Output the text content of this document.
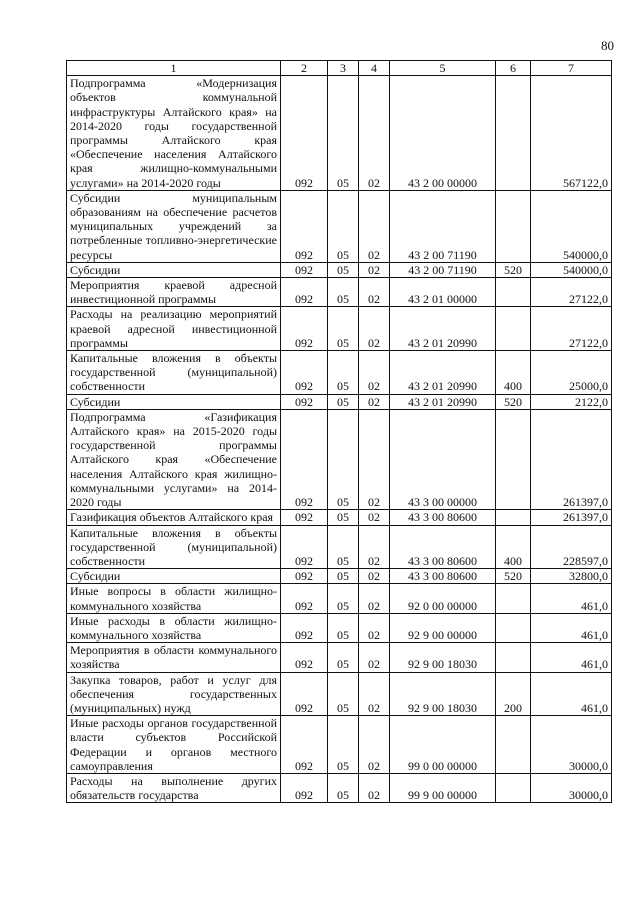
80
1	2	3	4	5	6	7
Подпрограмма «Модернизация объектов коммунальной инфраструктуры Алтайского края» на 2014-2020 годы государственной программы Алтайского края «Обеспечение населения Алтайского края жилищно-коммунальными услугами» на 2014-2020 годы	092	05	02	43 2 00 00000		567122,0
Субсидии муниципальным образованиям на обеспечение расчетов муниципальных учреждений за потребленные топливно-энергетические ресурсы	092	05	02	43 2 00 71190		540000,0
Субсидии	092	05	02	43 2 00 71190	520	540000,0
Мероприятия краевой адресной инвестиционной программы	092	05	02	43 2 01 00000		27122,0
Расходы на реализацию мероприятий краевой адресной инвестиционной программы	092	05	02	43 2 01 20990		27122,0
Капитальные вложения в объекты государственной (муниципальной) собственности	092	05	02	43 2 01 20990	400	25000,0
Субсидии	092	05	02	43 2 01 20990	520	2122,0
Подпрограмма «Газификация Алтайского края» на 2015-2020 годы государственной программы Алтайского края «Обеспечение населения Алтайского края жилищно-коммунальными услугами» на 2014-2020 годы	092	05	02	43 3 00 00000		261397,0
Газификация объектов Алтайского края	092	05	02	43 3 00 80600		261397,0
Капитальные вложения в объекты государственной (муниципальной) собственности	092	05	02	43 3 00 80600	400	228597,0
Субсидии	092	05	02	43 3 00 80600	520	32800,0
Иные вопросы в области жилищно-коммунального хозяйства	092	05	02	92 0 00 00000		461,0
Иные расходы в области жилищно-коммунального хозяйства	092	05	02	92 9 00 00000		461,0
Мероприятия в области коммунального хозяйства	092	05	02	92 9 00 18030		461,0
Закупка товаров, работ и услуг для обеспечения государственных (муниципальных) нужд	092	05	02	92 9 00 18030	200	461,0
Иные расходы органов государственной власти субъектов Российской Федерации и органов местного самоуправления	092	05	02	99 0 00 00000		30000,0
Расходы на выполнение других обязательств государства	092	05	02	99 9 00 00000		30000,0
